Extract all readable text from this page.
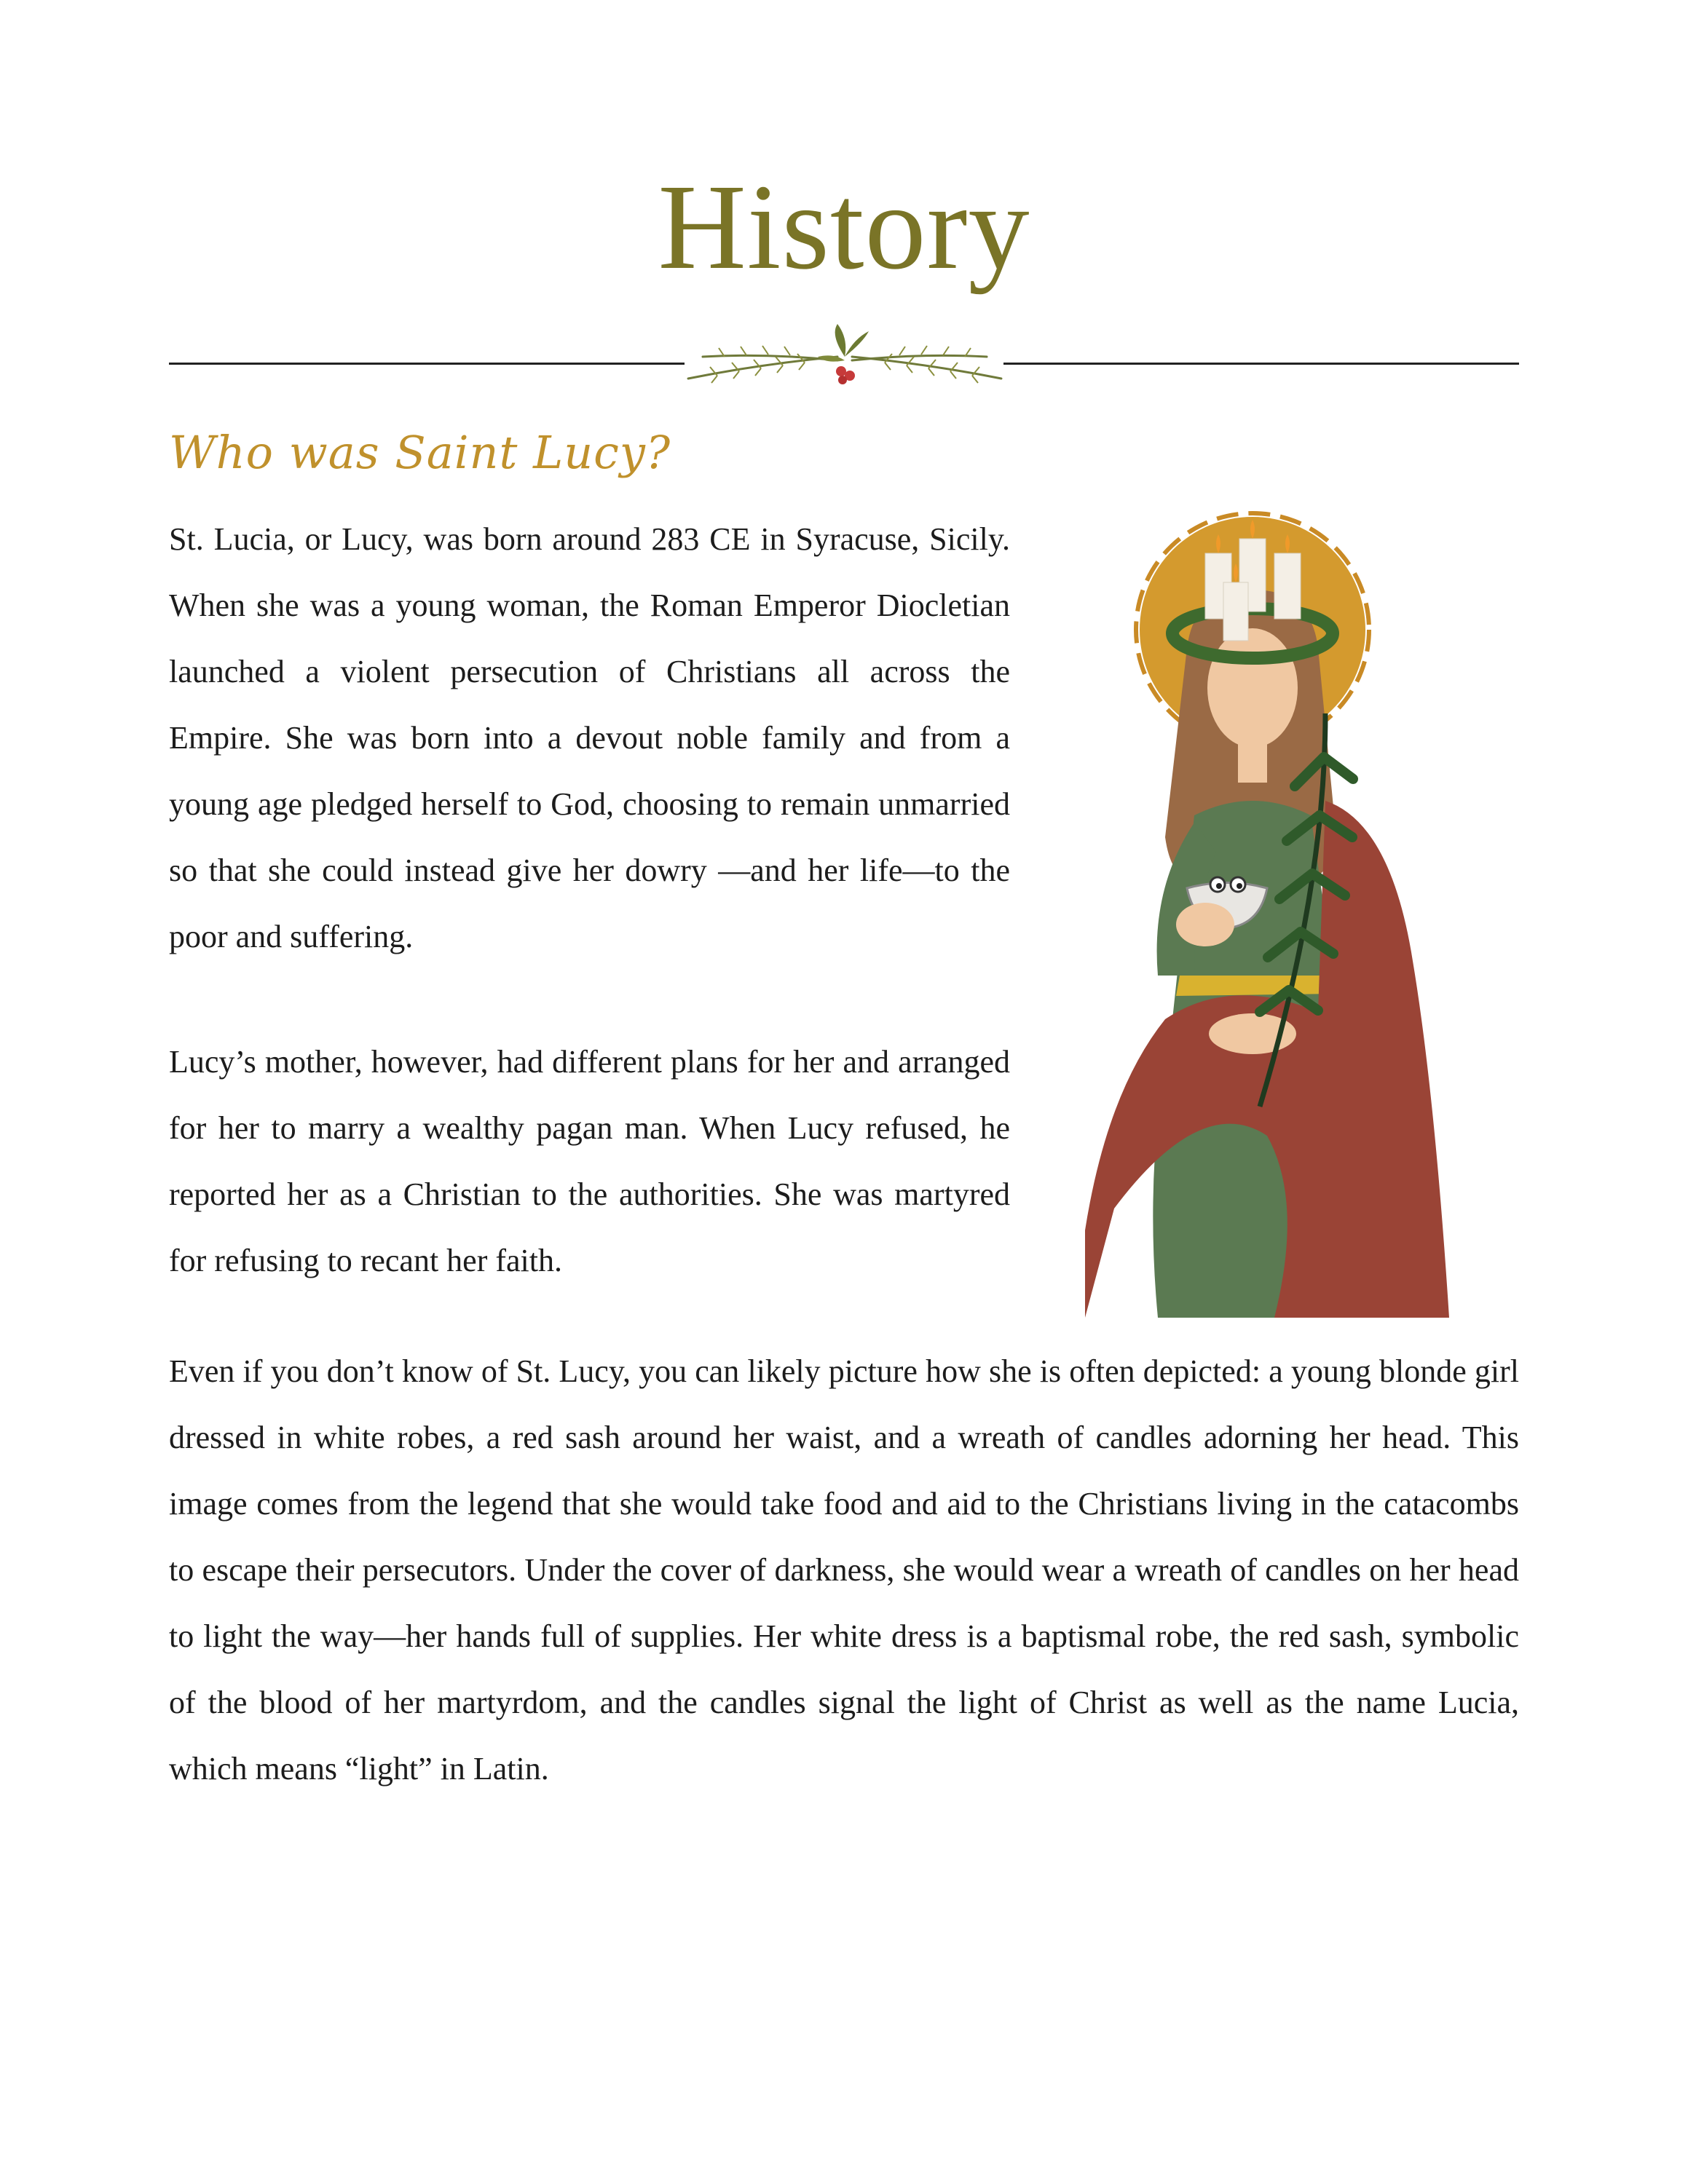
History
Who was Saint Lucy?

St. Lucia, or Lucy, was born around 283 CE in Syracuse, Sicily. When she was a young woman, the Roman Emperor Diocletian launched a violent persecution of Christians all across the Empire. She was born into a devout noble family and from a young age pledged herself to God, choosing to remain unmarried so that she could instead give her dowry —and her life—to the poor and suffering.

Lucy’s mother, however, had different plans for her and arranged for her to marry a wealthy pagan man. When Lucy refused, he reported her as a Christian to the authorities. She was martyred for refusing to recant her faith.

Even if you don’t know of St. Lucy, you can likely picture how she is often depicted: a young blonde girl dressed in white robes, a red sash around her waist, and a wreath of candles adorning her head. This image comes from the legend that she would take food and aid to the Christians living in the catacombs to escape their persecutors. Under the cover of darkness, she would wear a wreath of candles on her head to light the way—her hands full of supplies. Her white dress is a baptismal robe, the red sash, symbolic of the blood of her martyrdom, and the candles signal the light of Christ as well as the name Lucia, which means “light” in Latin.
